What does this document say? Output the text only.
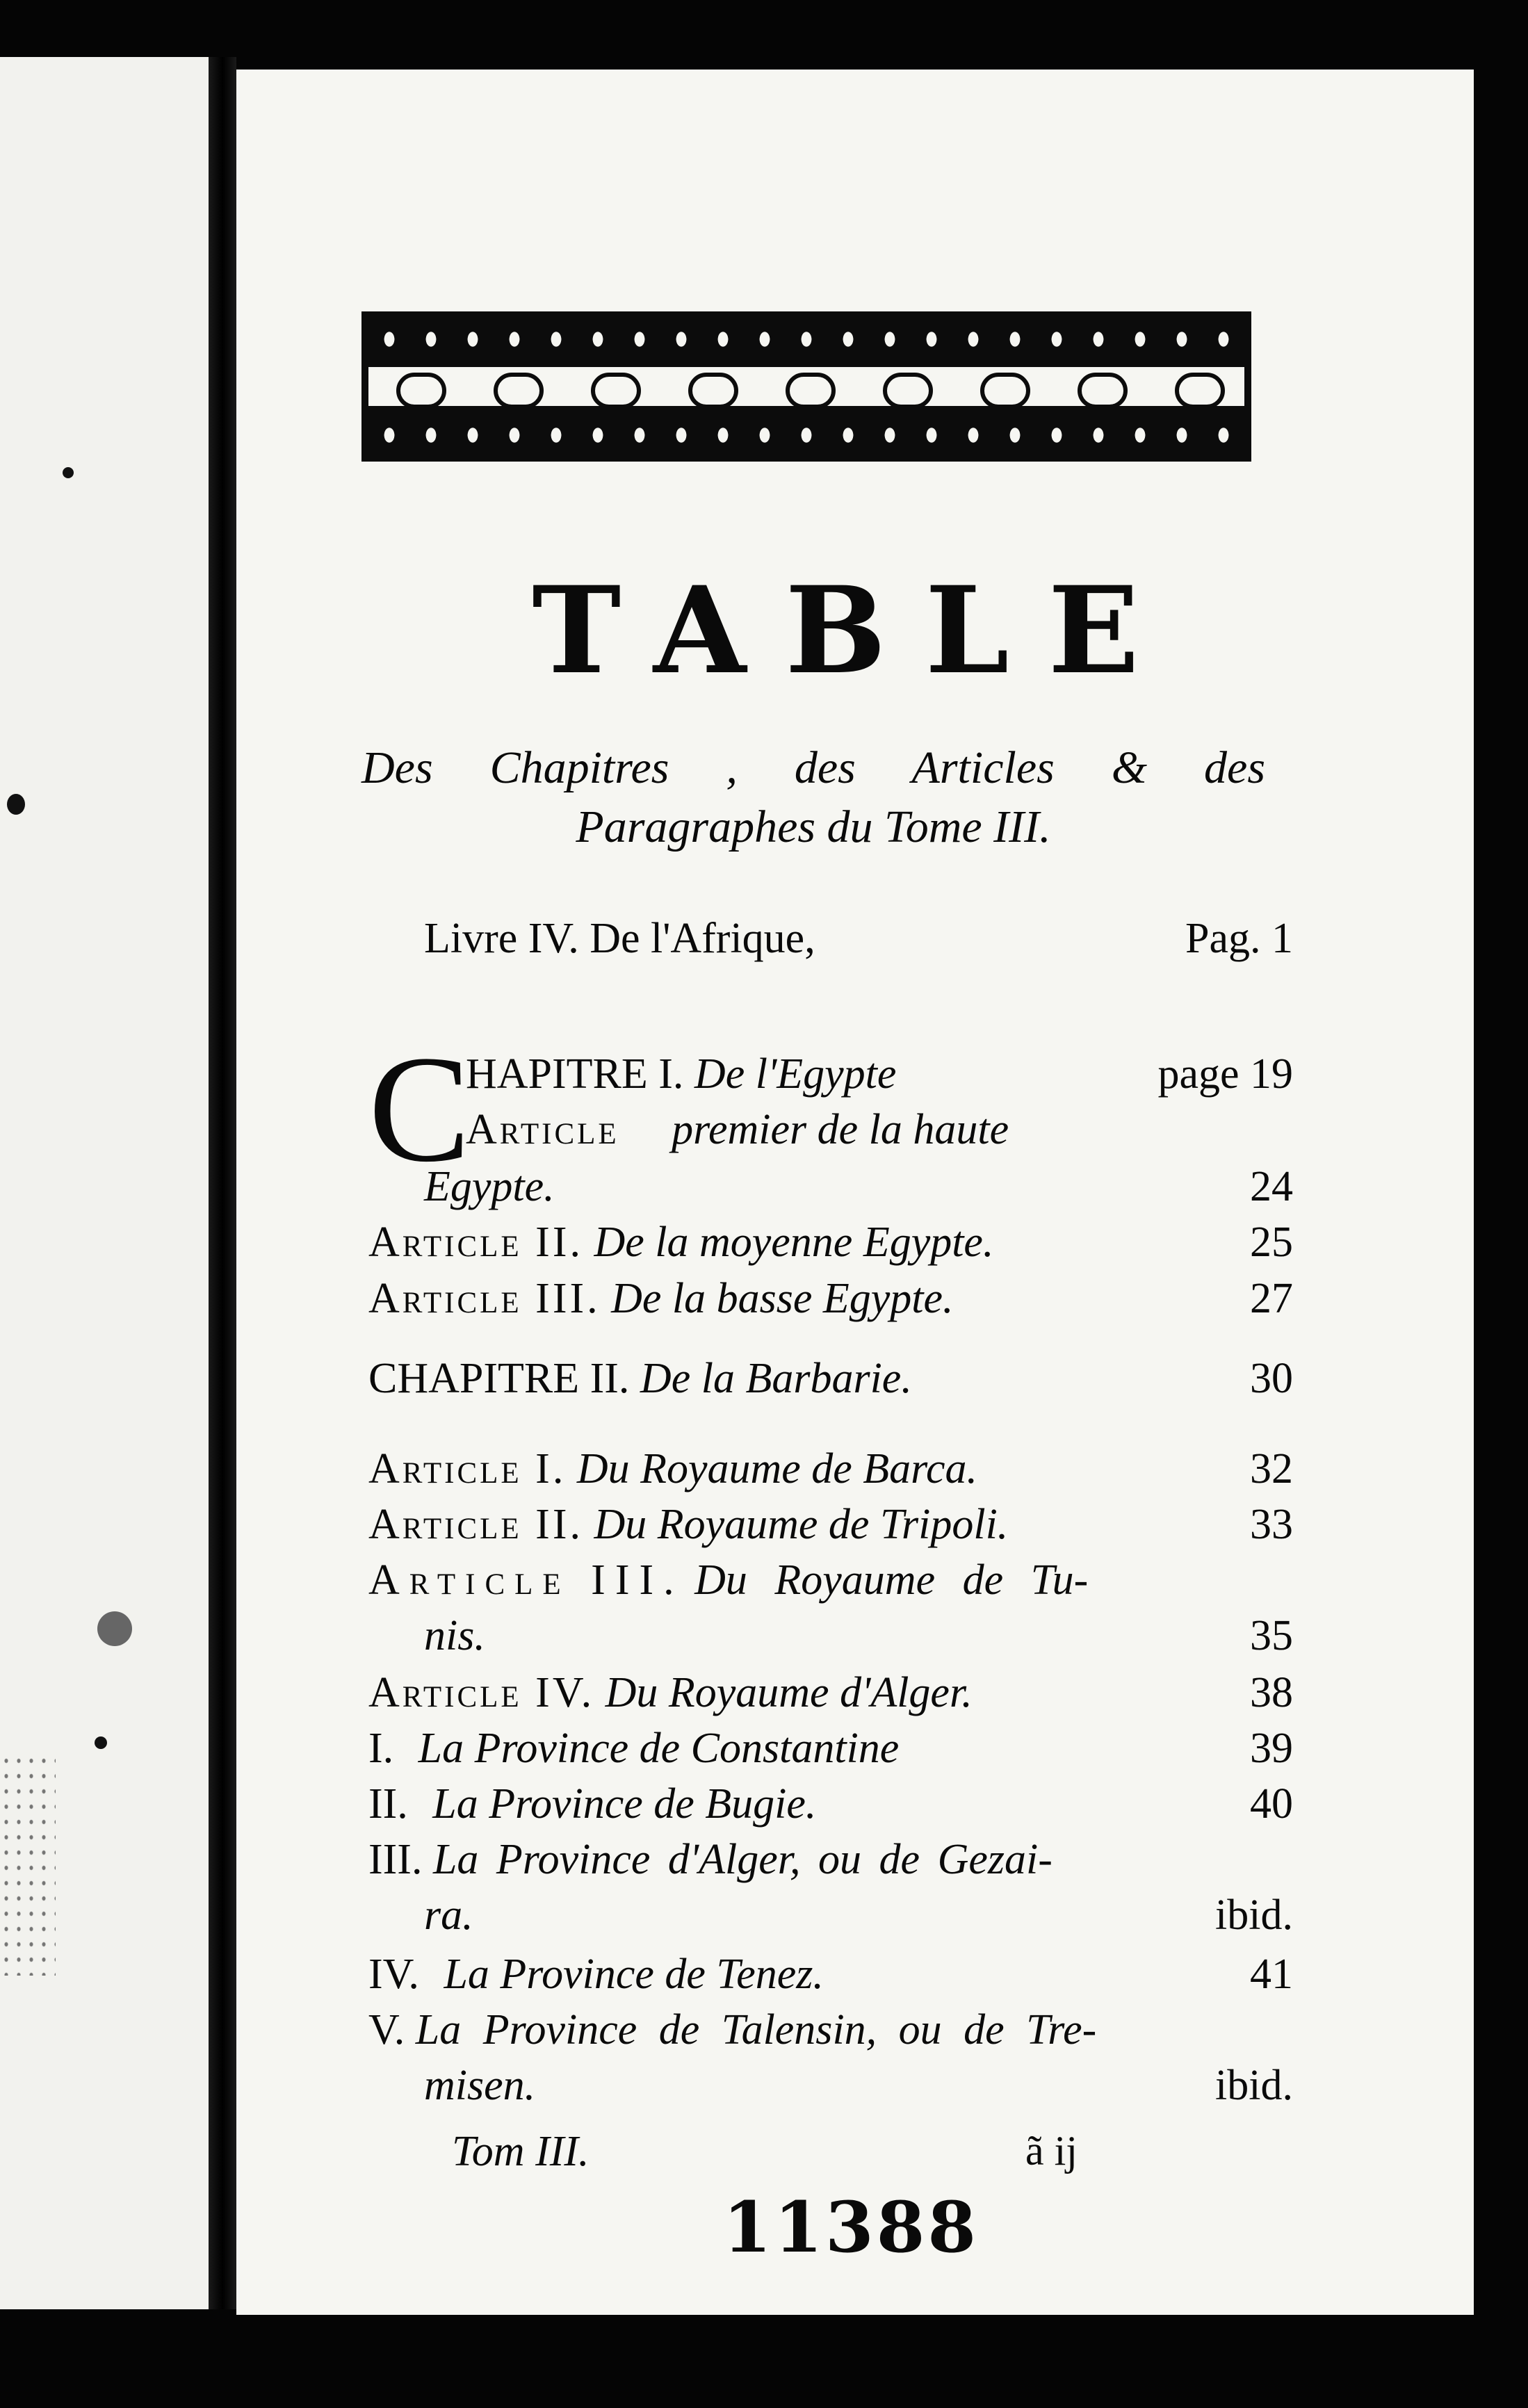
TABLE
Des Chapitres , des Articles & des
Paragraphes du Tome III.
Livre IV. De l'Afrique,	Pag. 1
C
HAPITRE I. De l'Egypte	page 19
Article premier de la haute
Egypte.	24
Article II. De la moyenne Egypte.	25
Article III. De la basse Egypte.	27
CHAPITRE II. De la Barbarie.	30
Article I. Du Royaume de Barca.	32
Article II. Du Royaume de Tripoli.	33
Article III. Du Royaume de Tu-
nis.	35
Article IV. Du Royaume d'Alger.	38
I. La Province de Constantine	39
II. La Province de Bugie.	40
III. La Province d'Alger, ou de Gezai-
ra.	ibid.
IV. La Province de Tenez.	41
V. La Province de Talensin, ou de Tre-
misen.	ibid.
Tom III.	ã ij
11388
